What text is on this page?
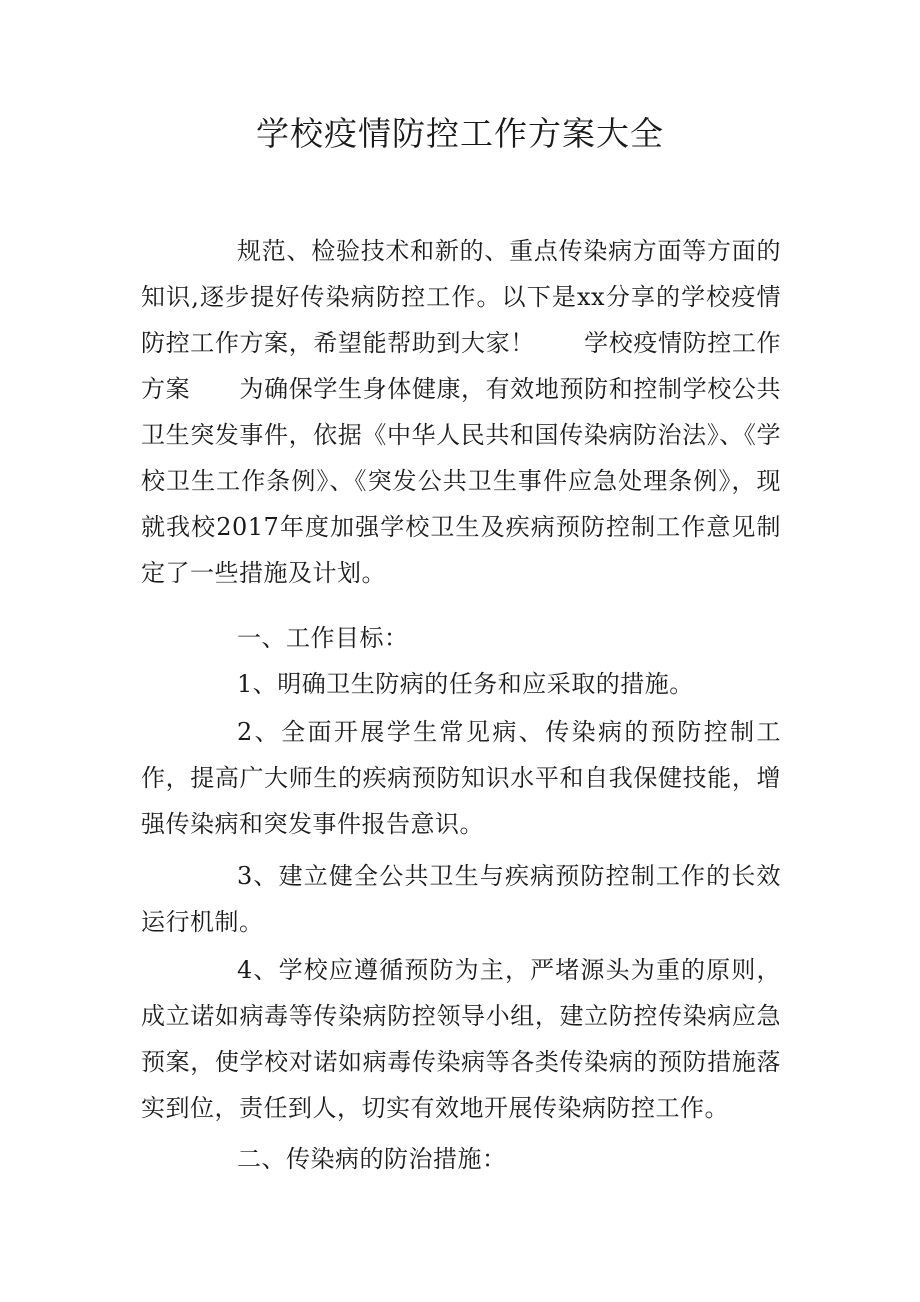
学校疫情防控工作方案大全

规范、检验技术和新的、重点传染病方面等方面的知识,逐步提好传染病防控工作。以下是xx分享的学校疫情防控工作方案，希望能帮助到大家！　　学校疫情防控工作方案　　为确保学生身体健康，有效地预防和控制学校公共卫生突发事件，依据《中华人民共和国传染病防治法》、《学校卫生工作条例》、《突发公共卫生事件应急处理条例》，现就我校2017年度加强学校卫生及疾病预防控制工作意见制定了一些措施及计划。

一、工作目标：

1、明确卫生防病的任务和应采取的措施。

2、全面开展学生常见病、传染病的预防控制工作，提高广大师生的疾病预防知识水平和自我保健技能，增强传染病和突发事件报告意识。

3、建立健全公共卫生与疾病预防控制工作的长效运行机制。

4、学校应遵循预防为主，严堵源头为重的原则，成立诺如病毒等传染病防控领导小组，建立防控传染病应急预案，使学校对诺如病毒传染病等各类传染病的预防措施落实到位，责任到人，切实有效地开展传染病防控工作。

二、传染病的防治措施：
